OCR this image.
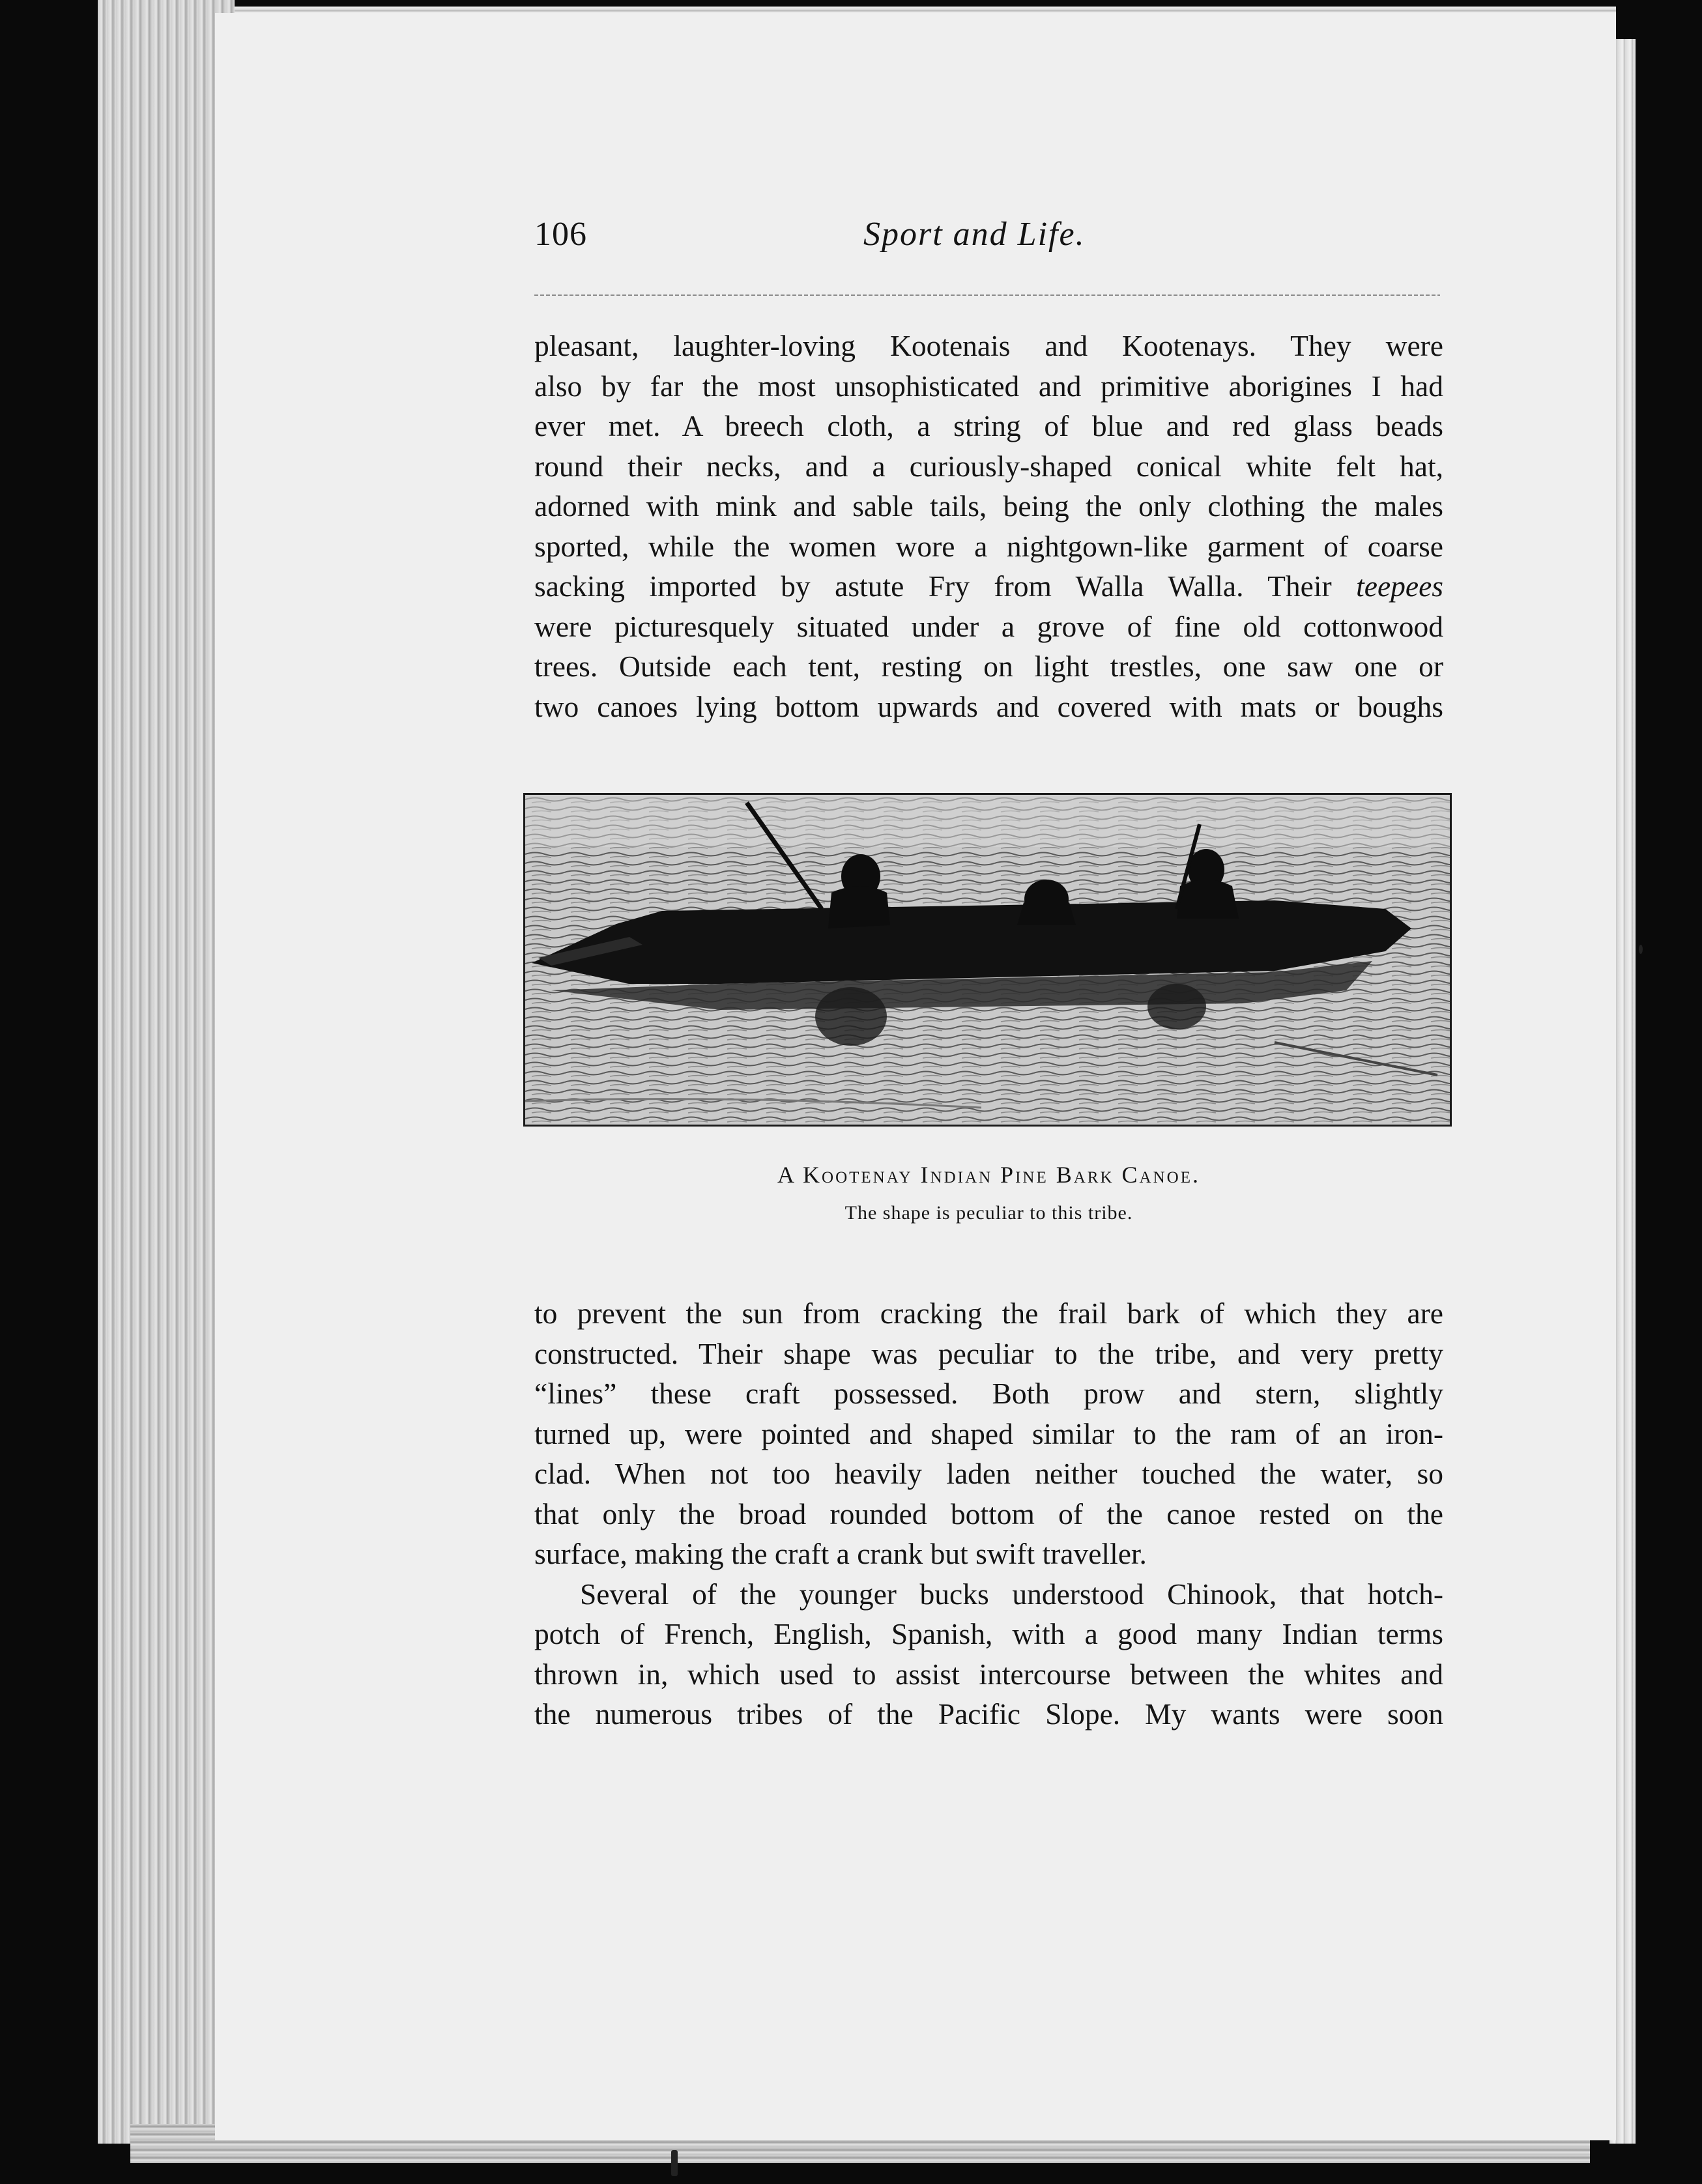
106	Sport and Life.
pleasant, laughter-loving Kootenais and Kootenays. They were
also by far the most unsophisticated and primitive aborigines I had
ever met. A breech cloth, a string of blue and red glass beads
round their necks, and a curiously-shaped conical white felt hat,
adorned with mink and sable tails, being the only clothing the males
sported, while the women wore a nightgown-like garment of coarse
sacking imported by astute Fry from Walla Walla. Their teepees
were picturesquely situated under a grove of fine old cottonwood
trees. Outside each tent, resting on light trestles, one saw one or
two canoes lying bottom upwards and covered with mats or boughs
A Kootenay Indian Pine Bark Canoe.
The shape is peculiar to this tribe.
to prevent the sun from cracking the frail bark of which they are
constructed. Their shape was peculiar to the tribe, and very pretty
“lines” these craft possessed. Both prow and stern, slightly
turned up, were pointed and shaped similar to the ram of an iron-
clad. When not too heavily laden neither touched the water, so
that only the broad rounded bottom of the canoe rested on the
surface, making the craft a crank but swift traveller.
Several of the younger bucks understood Chinook, that hotch-
potch of French, English, Spanish, with a good many Indian terms
thrown in, which used to assist intercourse between the whites and
the numerous tribes of the Pacific Slope. My wants were soon
